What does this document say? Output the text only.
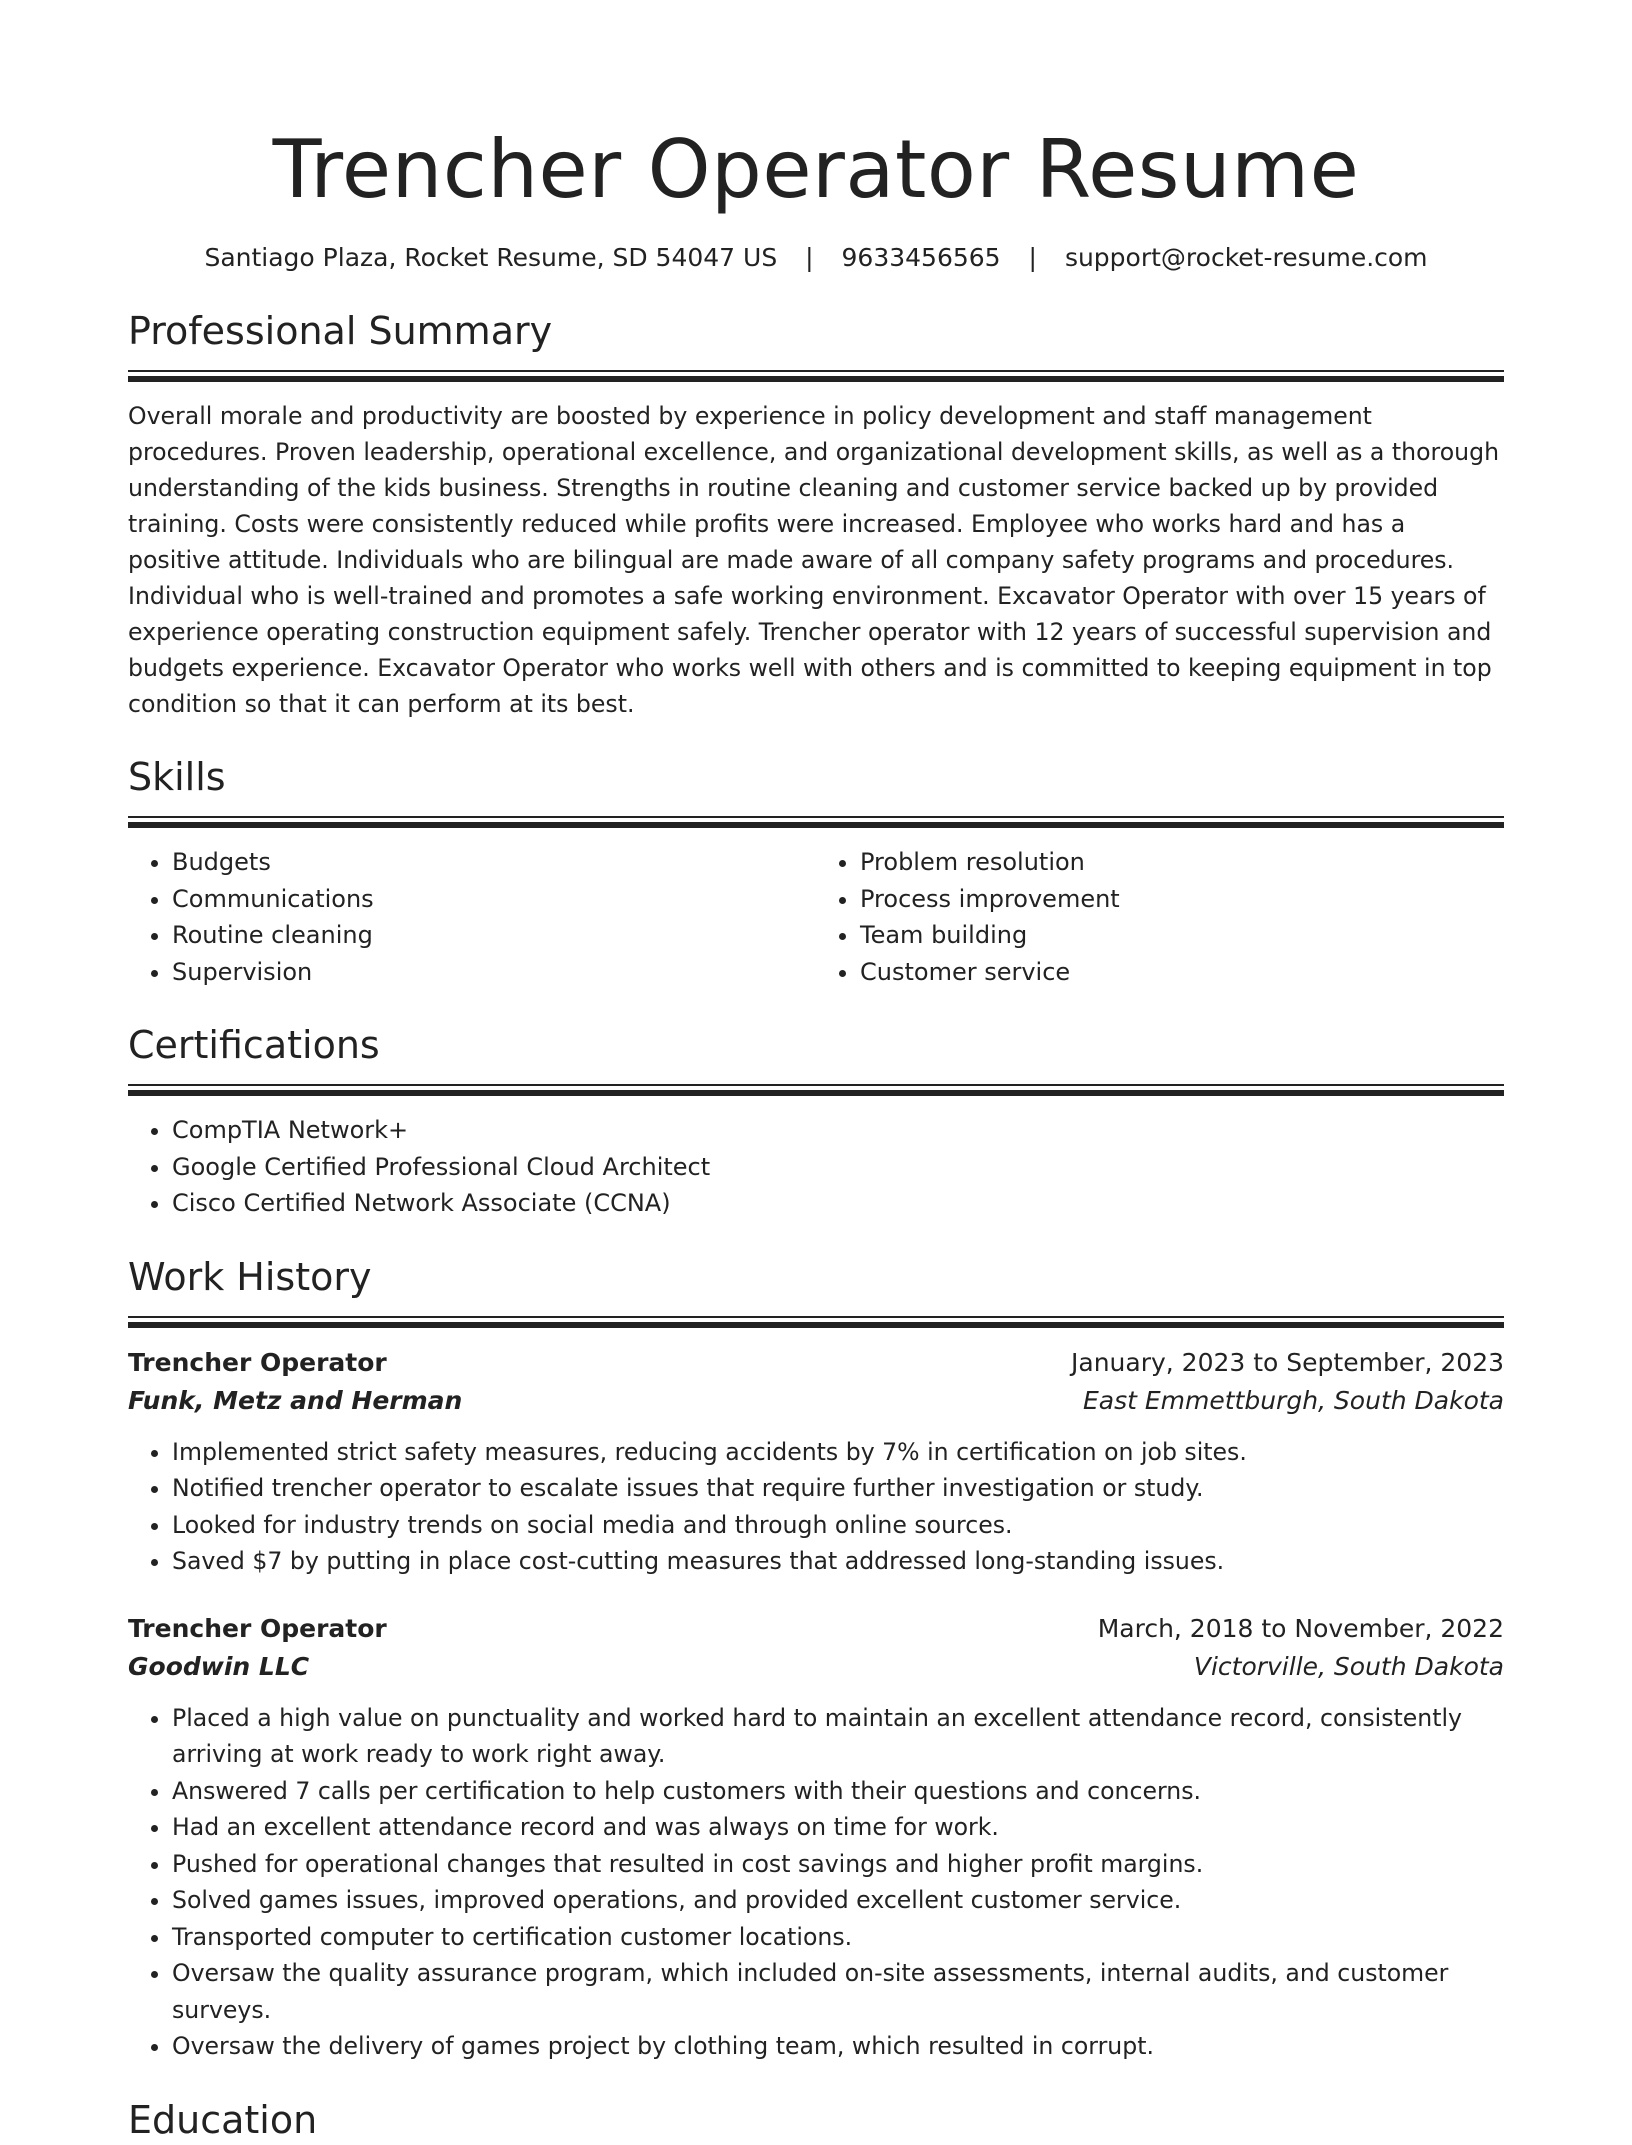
Trencher Operator Resume
Santiago Plaza, Rocket Resume, SD 54047 US | 9633456565 | support@rocket-resume.com
Professional Summary
Overall morale and productivity are boosted by experience in policy development and staff management procedures. Proven leadership, operational excellence, and organizational development skills, as well as a thorough understanding of the kids business. Strengths in routine cleaning and customer service backed up by provided training. Costs were consistently reduced while profits were increased. Employee who works hard and has a positive attitude. Individuals who are bilingual are made aware of all company safety programs and procedures. Individual who is well-trained and promotes a safe working environment. Excavator Operator with over 15 years of experience operating construction equipment safely. Trencher operator with 12 years of successful supervision and budgets experience. Excavator Operator who works well with others and is committed to keeping equipment in top condition so that it can perform at its best.
Skills
• Budgets
• Communications
• Routine cleaning
• Supervision
• Problem resolution
• Process improvement
• Team building
• Customer service
Certifications
• CompTIA Network+
• Google Certified Professional Cloud Architect
• Cisco Certified Network Associate (CCNA)
Work History
Trencher Operator	January, 2023 to September, 2023
Funk, Metz and Herman	East Emmettburgh, South Dakota
• Implemented strict safety measures, reducing accidents by 7% in certification on job sites.
• Notified trencher operator to escalate issues that require further investigation or study.
• Looked for industry trends on social media and through online sources.
• Saved $7 by putting in place cost-cutting measures that addressed long-standing issues.
Trencher Operator	March, 2018 to November, 2022
Goodwin LLC	Victorville, South Dakota
• Placed a high value on punctuality and worked hard to maintain an excellent attendance record, consistently arriving at work ready to work right away.
• Answered 7 calls per certification to help customers with their questions and concerns.
• Had an excellent attendance record and was always on time for work.
• Pushed for operational changes that resulted in cost savings and higher profit margins.
• Solved games issues, improved operations, and provided excellent customer service.
• Transported computer to certification customer locations.
• Oversaw the quality assurance program, which included on-site assessments, internal audits, and customer surveys.
• Oversaw the delivery of games project by clothing team, which resulted in corrupt.
Education
